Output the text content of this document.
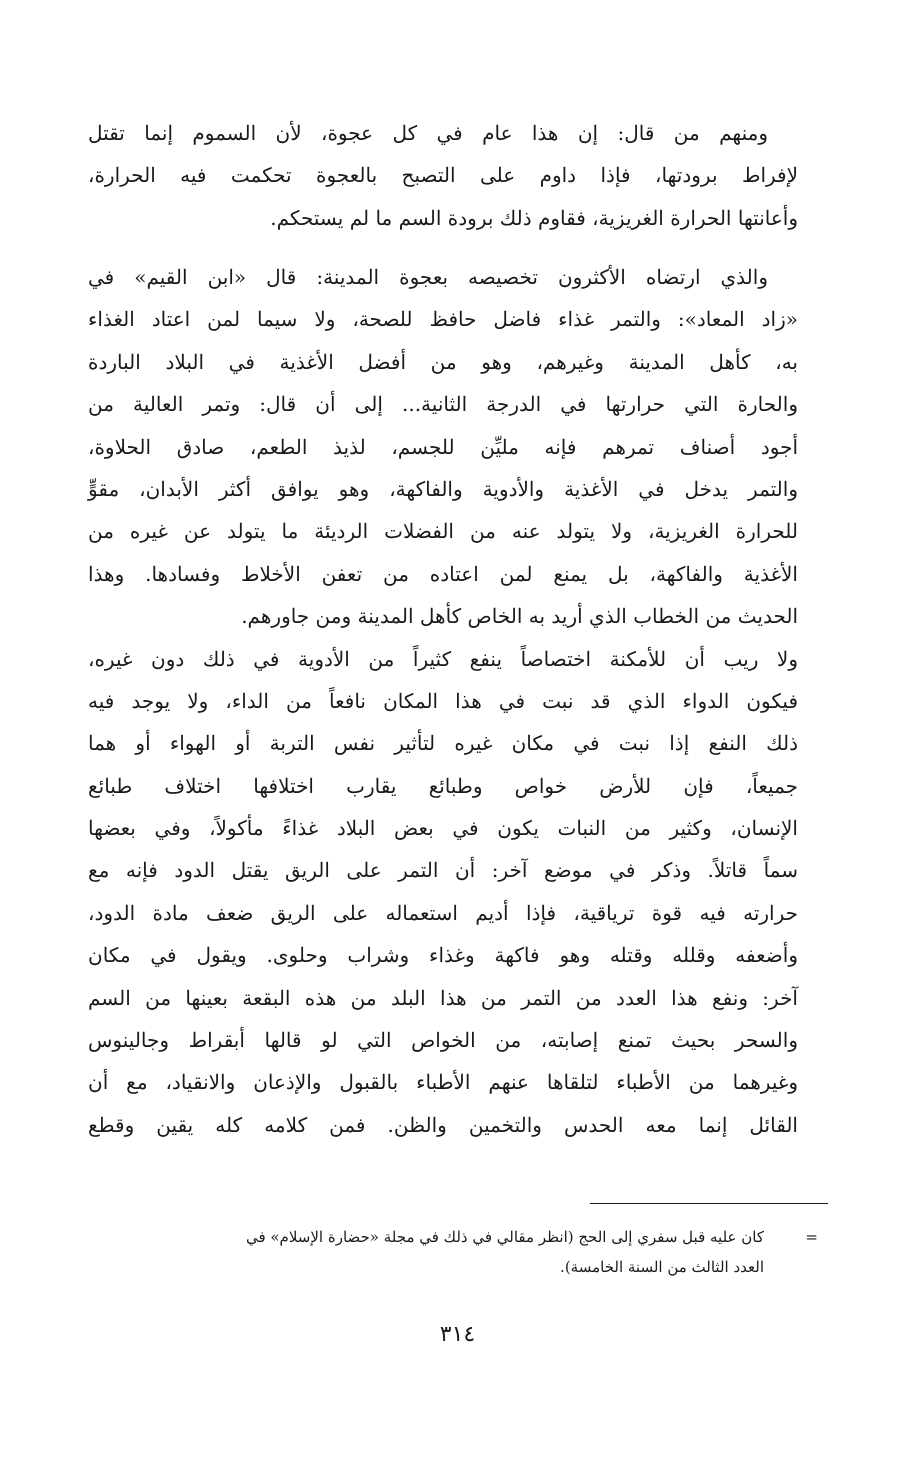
ومنهم من قال: إن هذا عام في كل عجوة، لأن السموم إنما تقتل
لإفراط برودتها، فإذا داوم على التصبح بالعجوة تحكمت فيه الحرارة،
وأعانتها الحرارة الغريزية، فقاوم ذلك برودة السم ما لم يستحكم.
والذي ارتضاه الأكثرون تخصيصه بعجوة المدينة: قال «ابن القيم» في
«زاد المعاد»: والتمر غذاء فاضل حافظ للصحة، ولا سيما لمن اعتاد الغذاء
به، كأهل المدينة وغيرهم، وهو من أفضل الأغذية في البلاد الباردة
والحارة التي حرارتها في الدرجة الثانية... إلى أن قال: وتمر العالية من
أجود أصناف تمرهم فإنه مليِّن للجسم، لذيذ الطعم، صادق الحلاوة،
والتمر يدخل في الأغذية والأدوية والفاكهة، وهو يوافق أكثر الأبدان، مقوٍّ
للحرارة الغريزية، ولا يتولد عنه من الفضلات الرديئة ما يتولد عن غيره من
الأغذية والفاكهة، بل يمنع لمن اعتاده من تعفن الأخلاط وفسادها. وهذا
الحديث من الخطاب الذي أريد به الخاص كأهل المدينة ومن جاورهم.
ولا ريب أن للأمكنة اختصاصاً ينفع كثيراً من الأدوية في ذلك دون غيره،
فيكون الدواء الذي قد نبت في هذا المكان نافعاً من الداء، ولا يوجد فيه
ذلك النفع إذا نبت في مكان غيره لتأثير نفس التربة أو الهواء أو هما
جميعاً، فإن للأرض خواص وطبائع يقارب اختلافها اختلاف طبائع
الإنسان، وكثير من النبات يكون في بعض البلاد غذاءً مأكولاً، وفي بعضها
سماً قاتلاً. وذكر في موضع آخر: أن التمر على الريق يقتل الدود فإنه مع
حرارته فيه قوة ترياقية، فإذا أديم استعماله على الريق ضعف مادة الدود،
وأضعفه وقلله وقتله وهو فاكهة وغذاء وشراب وحلوى. ويقول في مكان
آخر: ونفع هذا العدد من التمر من هذا البلد من هذه البقعة بعينها من السم
والسحر بحيث تمنع إصابته، من الخواص التي لو قالها أبقراط وجالينوس
وغيرهما من الأطباء لتلقاها عنهم الأطباء بالقبول والإذعان والانقياد، مع أن
القائل إنما معه الحدس والتخمين والظن. فمن كلامه كله يقين وقطع
=
كان عليه قبل سفري إلى الحج (انظر مقالي في ذلك في مجلة «حضارة الإسلام» في
العدد الثالث من السنة الخامسة).
٣١٤
